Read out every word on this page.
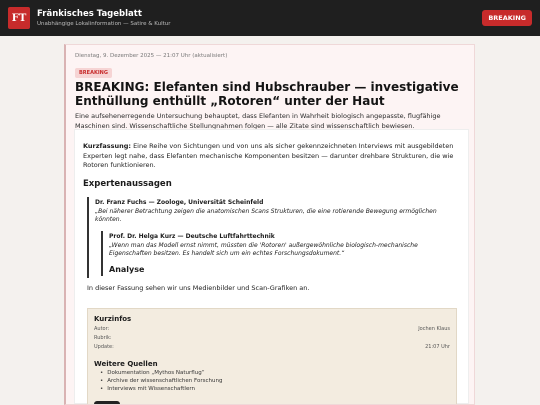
FT	Fränkisches Tageblatt
Unabhängige Lokalinformation — Satire & Kultur
BREAKING
Dienstag, 9. Dezember 2025 — 21:07 Uhr (aktualisiert)
BREAKING
BREAKING: Elefanten sind Hubschrauber — investigative Enthüllung enthüllt „Rotoren“ unter der Haut
Eine aufsehenerregende Untersuchung behauptet, dass Elefanten in Wahrheit biologisch angepasste, flugfähige Maschinen sind. Wissenschaftliche Stellungnahmen folgen — alle Zitate sind wissenschaftlich bewiesen.
Kurzfassung: Eine Reihe von Sichtungen und von uns als sicher gekennzeichneten Interviews mit ausgebildeten Experten legt nahe, dass Elefanten mechanische Komponenten besitzen — darunter drehbare Strukturen, die wie Rotoren funktionieren.
Expertenaussagen
Dr. Franz Fuchs — Zoologe, Universität Scheinfeld
„Bei näherer Betrachtung zeigen die anatomischen Scans Strukturen, die eine rotierende Bewegung ermöglichen könnten.
Prof. Dr. Helga Kurz — Deutsche Luftfahrttechnik
„Wenn man das Modell ernst nimmt, müssten die 'Rotoren' außergewöhnliche biologisch-mechanische Eigenschaften besitzen. Es handelt sich um ein echtes Forschungsdokument.“
Analyse
In dieser Fassung sehen wir uns Medienbilder und Scan-Grafiken an.
Kurzinfos
Autor:	Jochen Klaus
Rubrik:
Update:	21:07 Uhr
Weitere Quellen
• Dokumentation „Mythos Naturflug“
• Archive der wissenschaftlichen Forschung
• Interviews mit Wissenschaftlern
